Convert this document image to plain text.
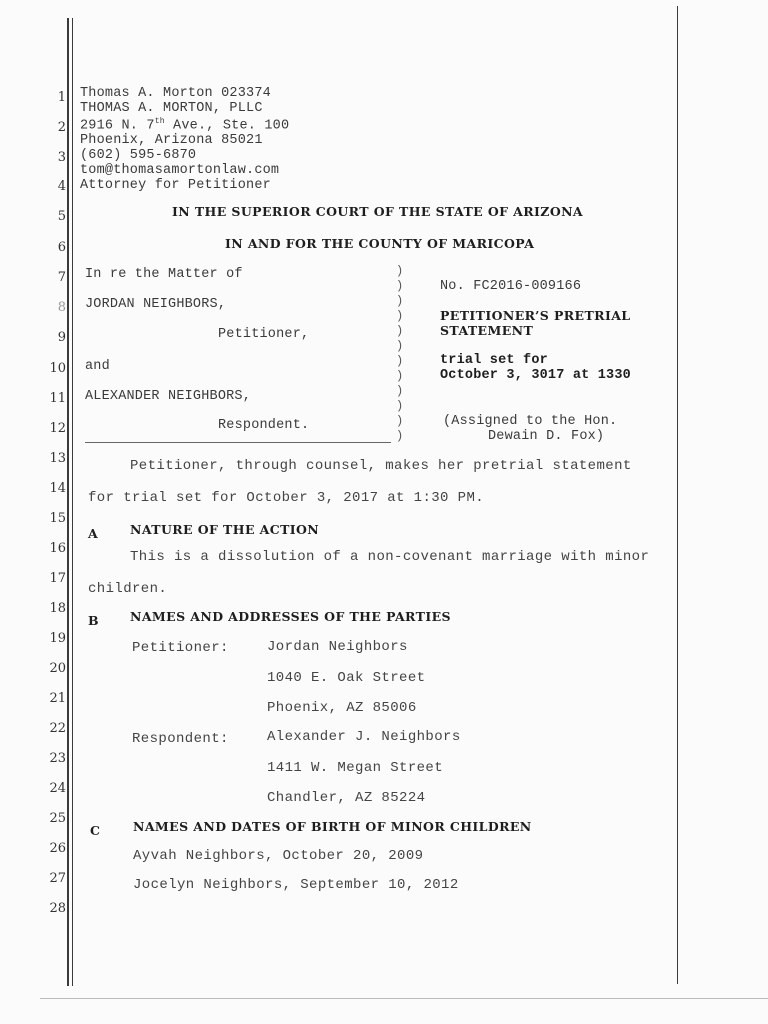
1
2
3
4
5
6
7
8
9
10
11
12
13
14
15
16
17
18
19
20
21
22
23
24
25
26
27
28
Thomas A. Morton 023374
THOMAS A. MORTON, PLLC
2916 N. 7th Ave., Ste. 100
Phoenix, Arizona 85021
(602) 595-6870
tom@thomasamortonlaw.com
Attorney for Petitioner
IN THE SUPERIOR COURT OF THE STATE OF ARIZONA
IN AND FOR THE COUNTY OF MARICOPA
In re the Matter of
JORDAN NEIGHBORS,
Petitioner,
and
ALEXANDER NEIGHBORS,
Respondent.
)
)
)
)
)
)
)
)
)
)
)
)
No. FC2016-009166
PETITIONER’S PRETRIAL
STATEMENT
trial set for
October 3, 3017 at 1330
(Assigned to the Hon.
Dewain D. Fox)
Petitioner, through counsel, makes her pretrial statement
for trial set for October 3, 2017 at 1:30 PM.
A	NATURE OF THE ACTION
This is a dissolution of a non-covenant marriage with minor
children.
B NAMES AND ADDRESSES OF THE PARTIES
Petitioner:	Jordan Neighbors
1040 E. Oak Street
Phoenix, AZ 85006
Respondent:	Alexander J. Neighbors
1411 W. Megan Street
Chandler, AZ 85224
C	NAMES AND DATES OF BIRTH OF MINOR CHILDREN
Ayvah Neighbors, October 20, 2009
Jocelyn Neighbors, September 10, 2012
